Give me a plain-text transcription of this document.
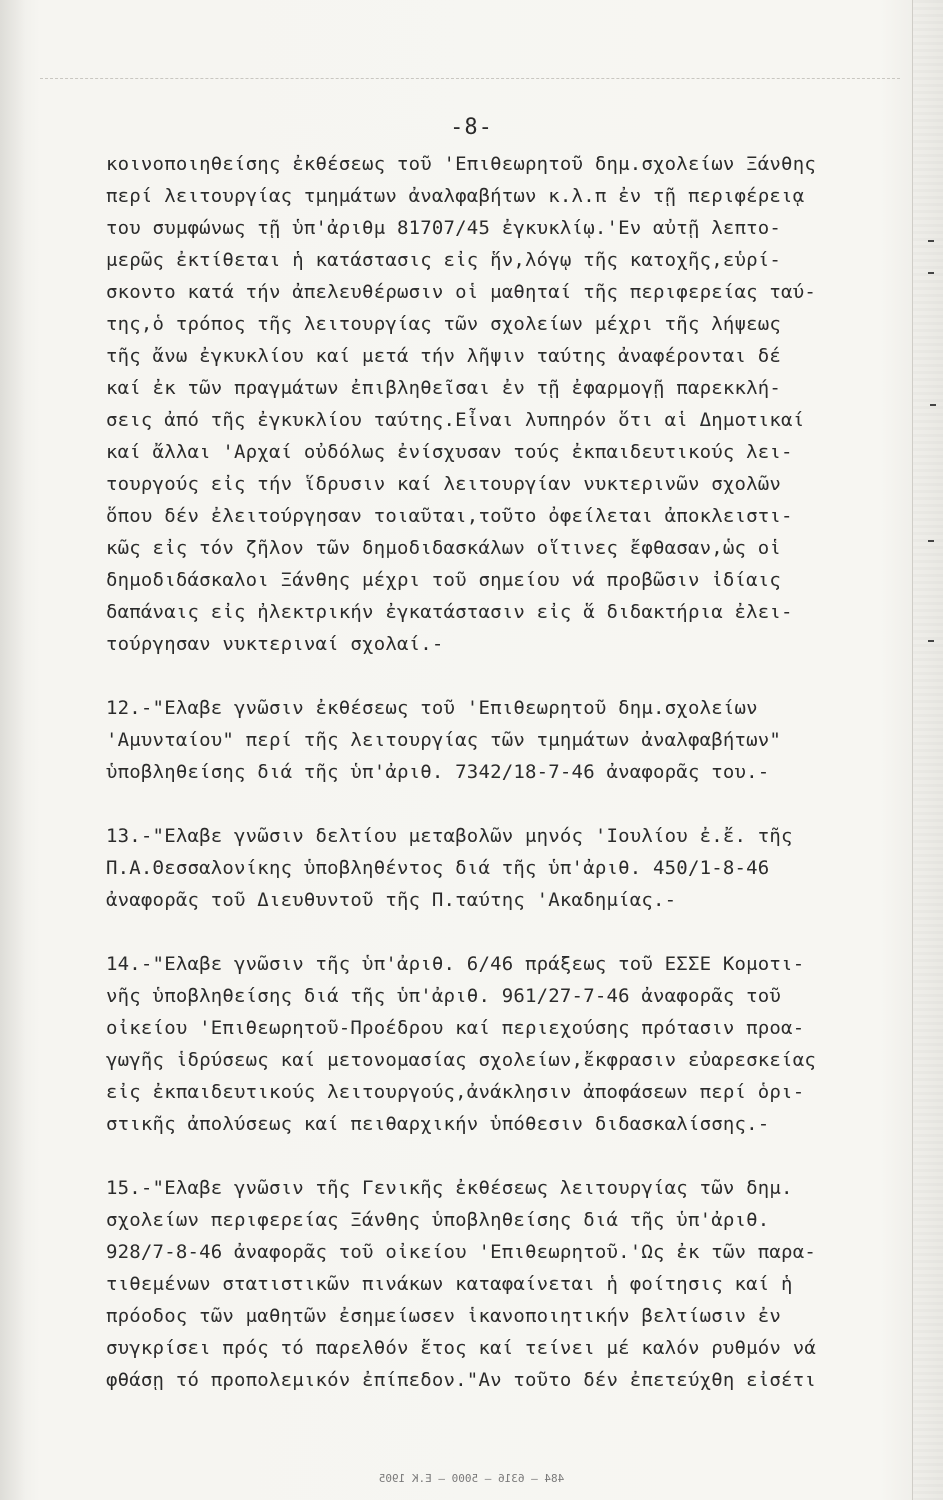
-8-
κοινοποιηθείσης ἐκθέσεως τοῦ 'Επιθεωρητοῦ δημ.σχολείων Ξάνθης
περί λειτουργίας τμημάτων ἀναλφαβήτων κ.λ.π ἐν τῇ περιφέρειᾳ
του συμφώνως τῇ ὑπ'ἀριθμ 81707/45 ἐγκυκλίῳ.'Εν αὐτῇ λεπτο-
μερῶς ἐκτίθεται ἡ κατάστασις εἰς ἥν,λόγῳ τῆς κατοχῆς,εὑρί-
σκοντο κατά τήν ἀπελευθέρωσιν οἱ μαθηταί τῆς περιφερείας ταύ-
της,ὁ τρόπος τῆς λειτουργίας τῶν σχολείων μέχρι τῆς λήψεως
τῆς ἄνω ἐγκυκλίου καί μετά τήν λῆψιν ταύτης ἀναφέρονται δέ
καί ἐκ τῶν πραγμάτων ἐπιβληθεῖσαι ἐν τῇ ἐφαρμογῇ παρεκκλή-
σεις ἀπό τῆς ἐγκυκλίου ταύτης.Εἶναι λυπηρόν ὅτι αἱ Δημοτικαί
καί ἄλλαι 'Αρχαί οὐδόλως ἐνίσχυσαν τούς ἐκπαιδευτικούς λει-
τουργούς εἰς τήν ἵδρυσιν καί λειτουργίαν νυκτερινῶν σχολῶν
ὅπου δέν ἐλειτούργησαν τοιαῦται,τοῦτο ὀφείλεται ἀποκλειστι-
κῶς εἰς τόν ζῆλον τῶν δημοδιδασκάλων οἵτινες ἔφθασαν,ὡς οἱ
δημοδιδάσκαλοι Ξάνθης μέχρι τοῦ σημείου νά προβῶσιν ἰδίαις
δαπάναις εἰς ἠλεκτρικήν ἐγκατάστασιν εἰς ἅ διδακτήρια ἐλει-
τούργησαν νυκτεριναί σχολαί.-
12.-"Ελαβε γνῶσιν ἐκθέσεως τοῦ 'Επιθεωρητοῦ δημ.σχολείων
'Αμυνταίου" περί τῆς λειτουργίας τῶν τμημάτων ἀναλφαβήτων"
ὑποβληθείσης διά τῆς ὑπ'ἀριθ. 7342/18-7-46 ἀναφορᾶς του.-
13.-"Ελαβε γνῶσιν δελτίου μεταβολῶν μηνός 'Ιουλίου ἐ.ἔ. τῆς
Π.Α.Θεσσαλονίκης ὑποβληθέντος διά τῆς ὑπ'ἀριθ. 450/1-8-46
ἀναφορᾶς τοῦ Διευθυντοῦ τῆς Π.ταύτης 'Ακαδημίας.-
14.-"Ελαβε γνῶσιν τῆς ὑπ'ἀριθ. 6/46 πράξεως τοῦ ΕΣΣΕ Κομοτι-
νῆς ὑποβληθείσης διά τῆς ὑπ'ἀριθ. 961/27-7-46 ἀναφορᾶς τοῦ
οἰκείου 'Επιθεωρητοῦ-Προέδρου καί περιεχούσης πρότασιν προα-
γωγῆς ἱδρύσεως καί μετονομασίας σχολείων,ἔκφρασιν εὐαρεσκείας
εἰς ἐκπαιδευτικούς λειτουργούς,ἀνάκλησιν ἀποφάσεων περί ὁρι-
στικῆς ἀπολύσεως καί πειθαρχικήν ὑπόθεσιν διδασκαλίσσης.-
15.-"Ελαβε γνῶσιν τῆς Γενικῆς ἐκθέσεως λειτουργίας τῶν δημ.
σχολείων περιφερείας Ξάνθης ὑποβληθείσης διά τῆς ὑπ'ἀριθ.
928/7-8-46 ἀναφορᾶς τοῦ οἰκείου 'Επιθεωρητοῦ.'Ως ἐκ τῶν παρα-
τιθεμένων στατιστικῶν πινάκων καταφαίνεται ἡ φοίτησις καί ἡ
πρόοδος τῶν μαθητῶν ἐσημείωσεν ἱκανοποιητικήν βελτίωσιν ἐν
συγκρίσει πρός τό παρελθόν ἔτος καί τείνει μέ καλόν ρυθμόν νά
φθάσῃ τό προπολεμικόν ἐπίπεδον."Αν τοῦτο δέν ἐπετεύχθη εἰσέτι
484 — 6316 — 5000 — Ε.Κ 1905
